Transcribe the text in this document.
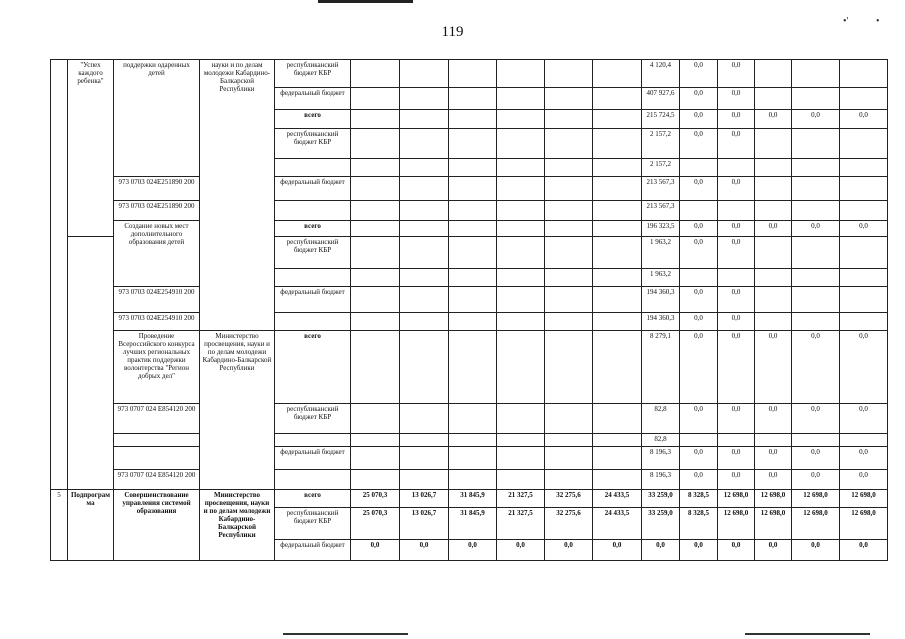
119
•'	•
	"Успех каждого ребенка"	поддержки одаренных детей	науки и по делам молодежи Кабардино-Балкарской Республики	республиканский бюджет КБР							4 120,4	0,0	0,0			
				федеральный бюджет							407 927,6	0,0	0,0			
				всего							215 724,5	0,0	0,0	0,0	0,0	0,0
				республиканский бюджет КБР							2 157,2	0,0	0,0			
											2 157,2					
		973 0703 024E251890 200		федеральный бюджет							213 567,3	0,0	0,0			
		973 0703 024E251890 200									213 567,3					
		Создание новых мест дополнительного образования детей		всего							196 323,5	0,0	0,0	0,0	0,0	0,0
				республиканский бюджет КБР							1 963,2	0,0	0,0			
											1 963,2					
		973 0703 024E254910 200		федеральный бюджет							194 360,3	0,0	0,0			
		973 0703 024E254910 200									194 360,3	0,0	0,0			
		Проведение Всероссийского конкурса лучших региональных практик поддержки волонтерства "Регион добрых дел"	Министерство просвещения, науки и по делам молодежи Кабардино-Балкарской Республики	всего							8 279,1	0,0	0,0	0,0	0,0	0,0
		973 0707 024 E854120 200		республиканский бюджет КБР							82,8	0,0	0,0	0,0	0,0	0,0
											82,8					
				федеральный бюджет							8 196,3	0,0	0,0	0,0	0,0	0,0
		973 0707 024 E854120 200									8 196,3	0,0	0,0	0,0	0,0	0,0
5	Подпрограмма	Совершенствование управления системой образования	Министерство просвещения, науки и по делам молодежи Кабардино-Балкарской Республики	всего	25 070,3	13 026,7	31 845,9	21 327,5	32 275,6	24 433,5	33 259,0	8 328,5	12 698,0	12 698,0	12 698,0	12 698,0
				республиканский бюджет КБР	25 070,3	13 026,7	31 845,9	21 327,5	32 275,6	24 433,5	33 259,0	8 328,5	12 698,0	12 698,0	12 698,0	12 698,0
				федеральный бюджет	0,0	0,0	0,0	0,0	0,0	0,0	0,0	0,0	0,0	0,0	0,0	0,0
